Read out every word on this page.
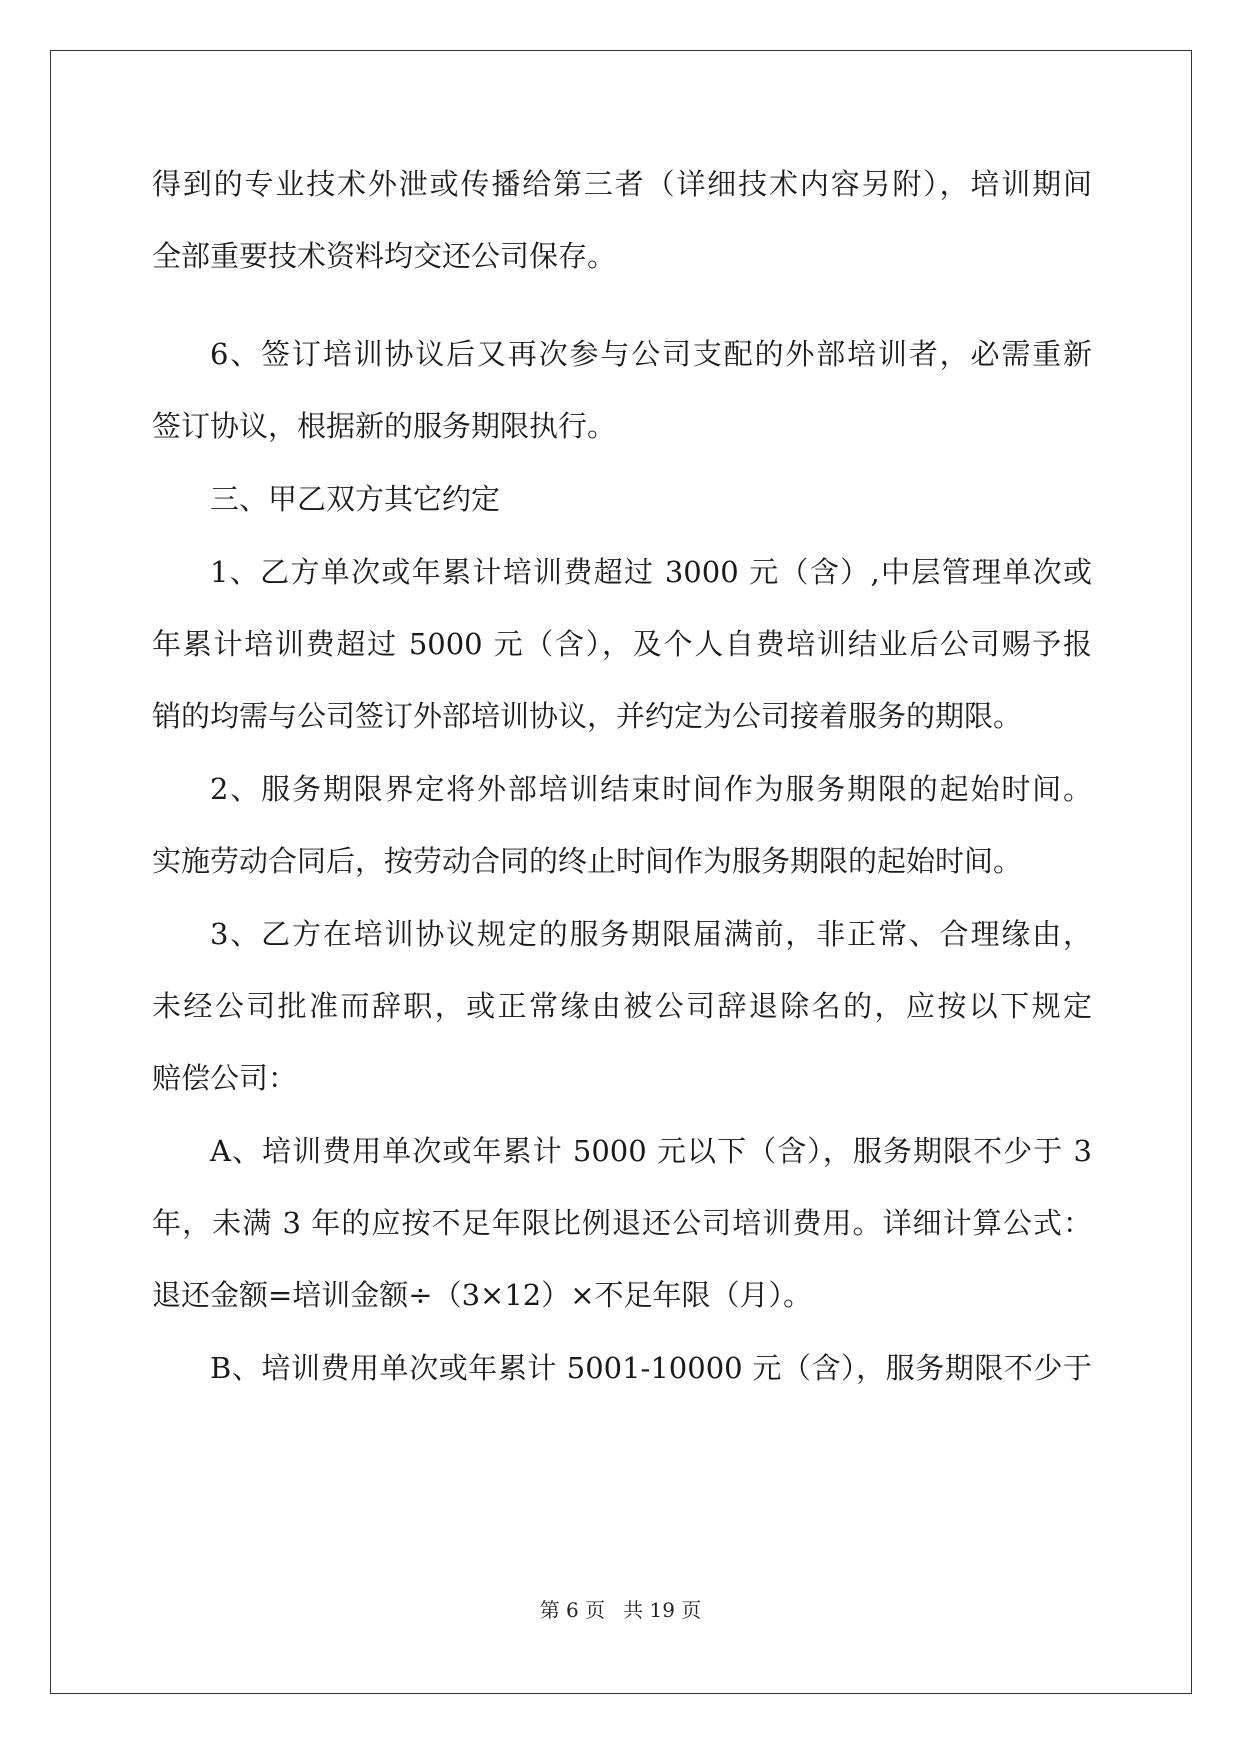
得到的专业技术外泄或传播给第三者（详细技术内容另附），培训期间
全部重要技术资料均交还公司保存。
6、签订培训协议后又再次参与公司支配的外部培训者，必需重新
签订协议，根据新的服务期限执行。
三、甲乙双方其它约定
1、乙方单次或年累计培训费超过 3000 元（含）,中层管理单次或
年累计培训费超过 5000 元（含），及个人自费培训结业后公司赐予报
销的均需与公司签订外部培训协议，并约定为公司接着服务的期限。
2、服务期限界定将外部培训结束时间作为服务期限的起始时间。
实施劳动合同后，按劳动合同的终止时间作为服务期限的起始时间。
3、乙方在培训协议规定的服务期限届满前，非正常、合理缘由，
未经公司批准而辞职，或正常缘由被公司辞退除名的，应按以下规定
赔偿公司：
A、培训费用单次或年累计 5000 元以下（含），服务期限不少于 3
年，未满 3 年的应按不足年限比例退还公司培训费用。详细计算公式：
退还金额=培训金额÷（3×12）×不足年限（月）。
B、培训费用单次或年累计 5001-10000 元（含），服务期限不少于
第 6 页 共 19 页
